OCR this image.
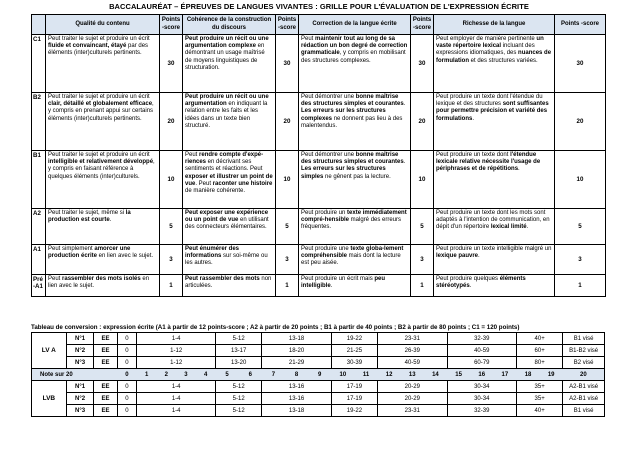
BACCALAURÉAT – ÉPREUVES DE LANGUES VIVANTES : GRILLE POUR L'ÉVALUATION DE L'EXPRESSION ÉCRITE
	Qualité du contenu	Points -score	Cohérence de la construction du discours	Points -score	Correction de la langue écrite	Points -score	Richesse de la langue	Points -score
C1	Peut traiter le sujet et produire un écrit fluide et convaincant, étayé par des éléments (inter)culturels pertinents.	30	Peut produire un récit ou une argumentation complexe en démontrant un usage maîtrisé de moyens linguistiques de structuration.	30	Peut maintenir tout au long de sa rédaction un bon degré de correction grammaticale, y compris en mobilisant des structures complexes.	30	Peut employer de manière pertinente un vaste répertoire lexical incluant des expressions idiomatiques, des nuances de formulation et des structures variées.	30
B2	Peut traiter le sujet et produire un écrit clair, détaillé et globalement efficace, y compris en prenant appui sur certains éléments (inter)culturels pertinents.	20	Peut produire un récit ou une argumentation en indiquant la relation entre les faits et les idées dans un texte bien structuré.	20	Peut démontrer une bonne maîtrise des structures simples et courantes. Les erreurs sur les structures complexes ne donnent pas lieu à des malentendus.	20	Peut produire un texte dont l'étendue du lexique et des structures sont suffisantes pour permettre précision et variété des formulations.	20
B1	Peut traiter le sujet et produire un écrit intelligible et relativement développé, y compris en faisant référence à quelques éléments (inter)culturels.	10	Peut rendre compte d'expé-riences en décrivant ses sentiments et réactions. Peut exposer et illustrer un point de vue. Peut raconter une histoire de manière cohérente.	10	Peut démontrer une bonne maîtrise des structures simples et courantes. Les erreurs sur les structures simples ne gênent pas la lecture.	10	Peut produire un texte dont l'étendue lexicale relative nécessite l'usage de périphrases et de répétitions.	10
A2	Peut traiter le sujet, même si la production est courte.	5	Peut exposer une expérience ou un point de vue en utilisant des connecteurs élémentaires.	5	Peut produire un texte immédiatement compré-hensible malgré des erreurs fréquentes.	5	Peut produire un texte dont les mots sont adaptés à l'intention de communication, en dépit d'un répertoire lexical limité.	5
A1	Peut simplement amorcer une production écrite en lien avec le sujet.	3	Peut énumérer des informations sur soi-même ou les autres.	3	Peut produire une texte globa-lement compréhensible mais dont la lecture est peu aisée.	3	Peut produire un texte intelligible malgré un lexique pauvre.	3
Pré -A1	Peut rassembler des mots isolés en lien avec le sujet.	1	Peut rassembler des mots non articulées.	1	Peut produire un écrit mais peu intelligible.	1	Peut produire quelques éléments stéréotypés.	1
Tableau de conversion : expression écrite (A1 à partir de 12 points-score ; A2 à partir de 20 points ; B1 à partir de 40 points ; B2 à partir de 80 points ; C1 = 120 points)
LV A	N°1	EE	0	1-4				5-12		13-18			19-22		23-31			32-39			40+		B1 visé
	N°2	EE	0	1-12				13-17		18-20			21-25		26-39			40-59			60+		B1-B2 visé
	N°3	EE	0	1-12				13-20		21-29			30-39		40-59			60-79			80+		B2 visé
Note sur 20			0	1	2	3	4	5	6	7	8	9	10	11	12	13	14	15	16	17	18	19	20
LVB	N°1	EE	0	1-4				5-12		13-16			17-19		20-29			30-34			35+		A2-B1 visé
	N°2	EE	0	1-4				5-12		13-16			17-19		20-29			30-34			35+		A2-B1 visé
	N°3	EE	0	1-4				5-12		13-18			19-22		23-31			32-39			40+		B1 visé
